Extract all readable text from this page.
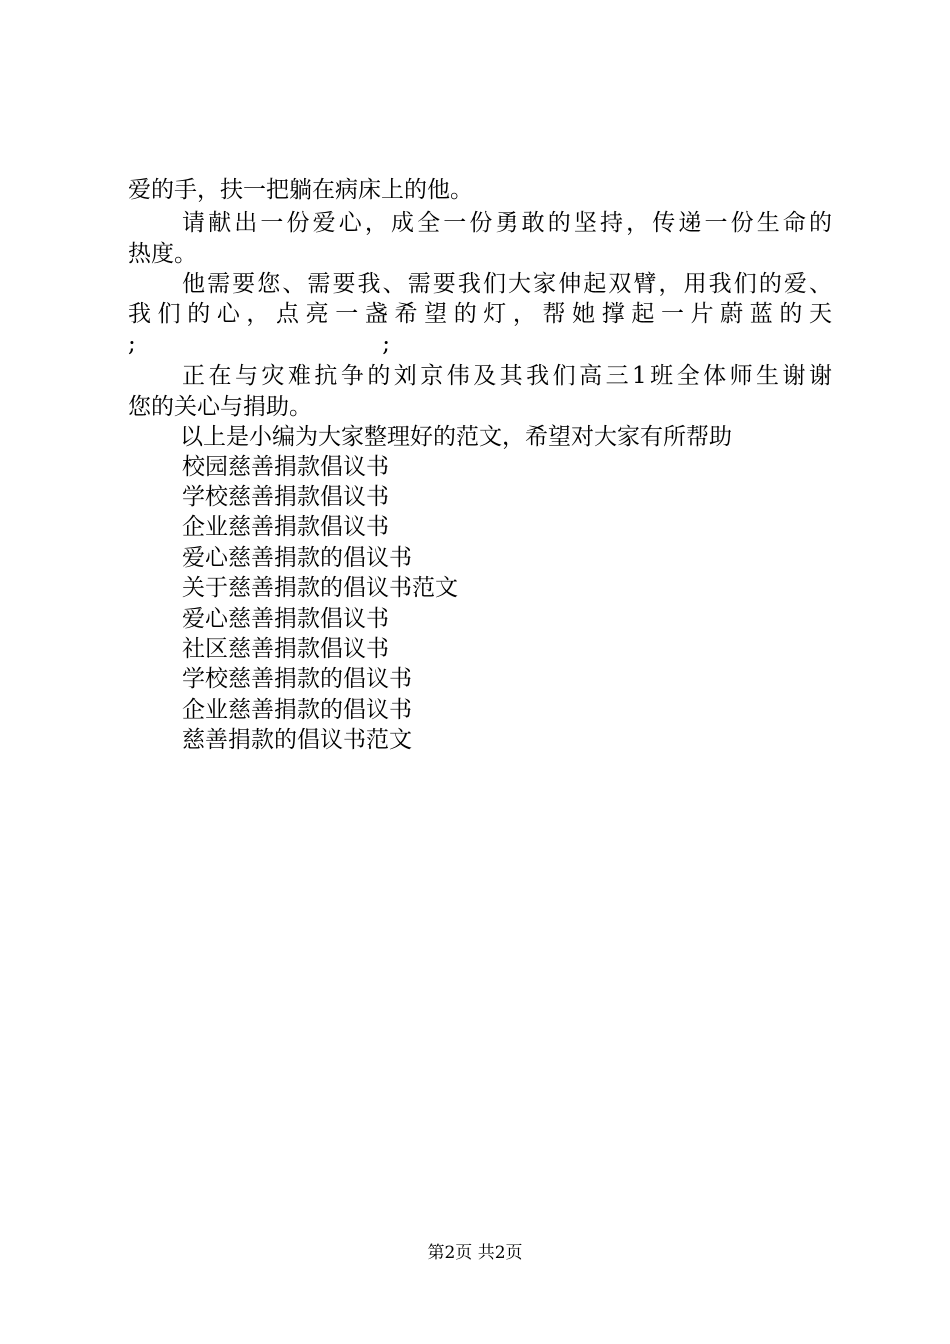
爱的手，扶一把躺在病床上的他。
请献出一份爱心，成全一份勇敢的坚持，传递一份生命的
热度。
他需要您、需要我、需要我们大家伸起双臂，用我们的爱、
我们的心，点亮一盏希望的灯，帮她撑起一片蔚蓝的天
;	;
正在与灾难抗争的刘京伟及其我们高三1班全体师生谢谢
您的关心与捐助。
以上是小编为大家整理好的范文，希望对大家有所帮助
校园慈善捐款倡议书
学校慈善捐款倡议书
企业慈善捐款倡议书
爱心慈善捐款的倡议书
关于慈善捐款的倡议书范文
爱心慈善捐款倡议书
社区慈善捐款倡议书
学校慈善捐款的倡议书
企业慈善捐款的倡议书
慈善捐款的倡议书范文
第2页 共2页
